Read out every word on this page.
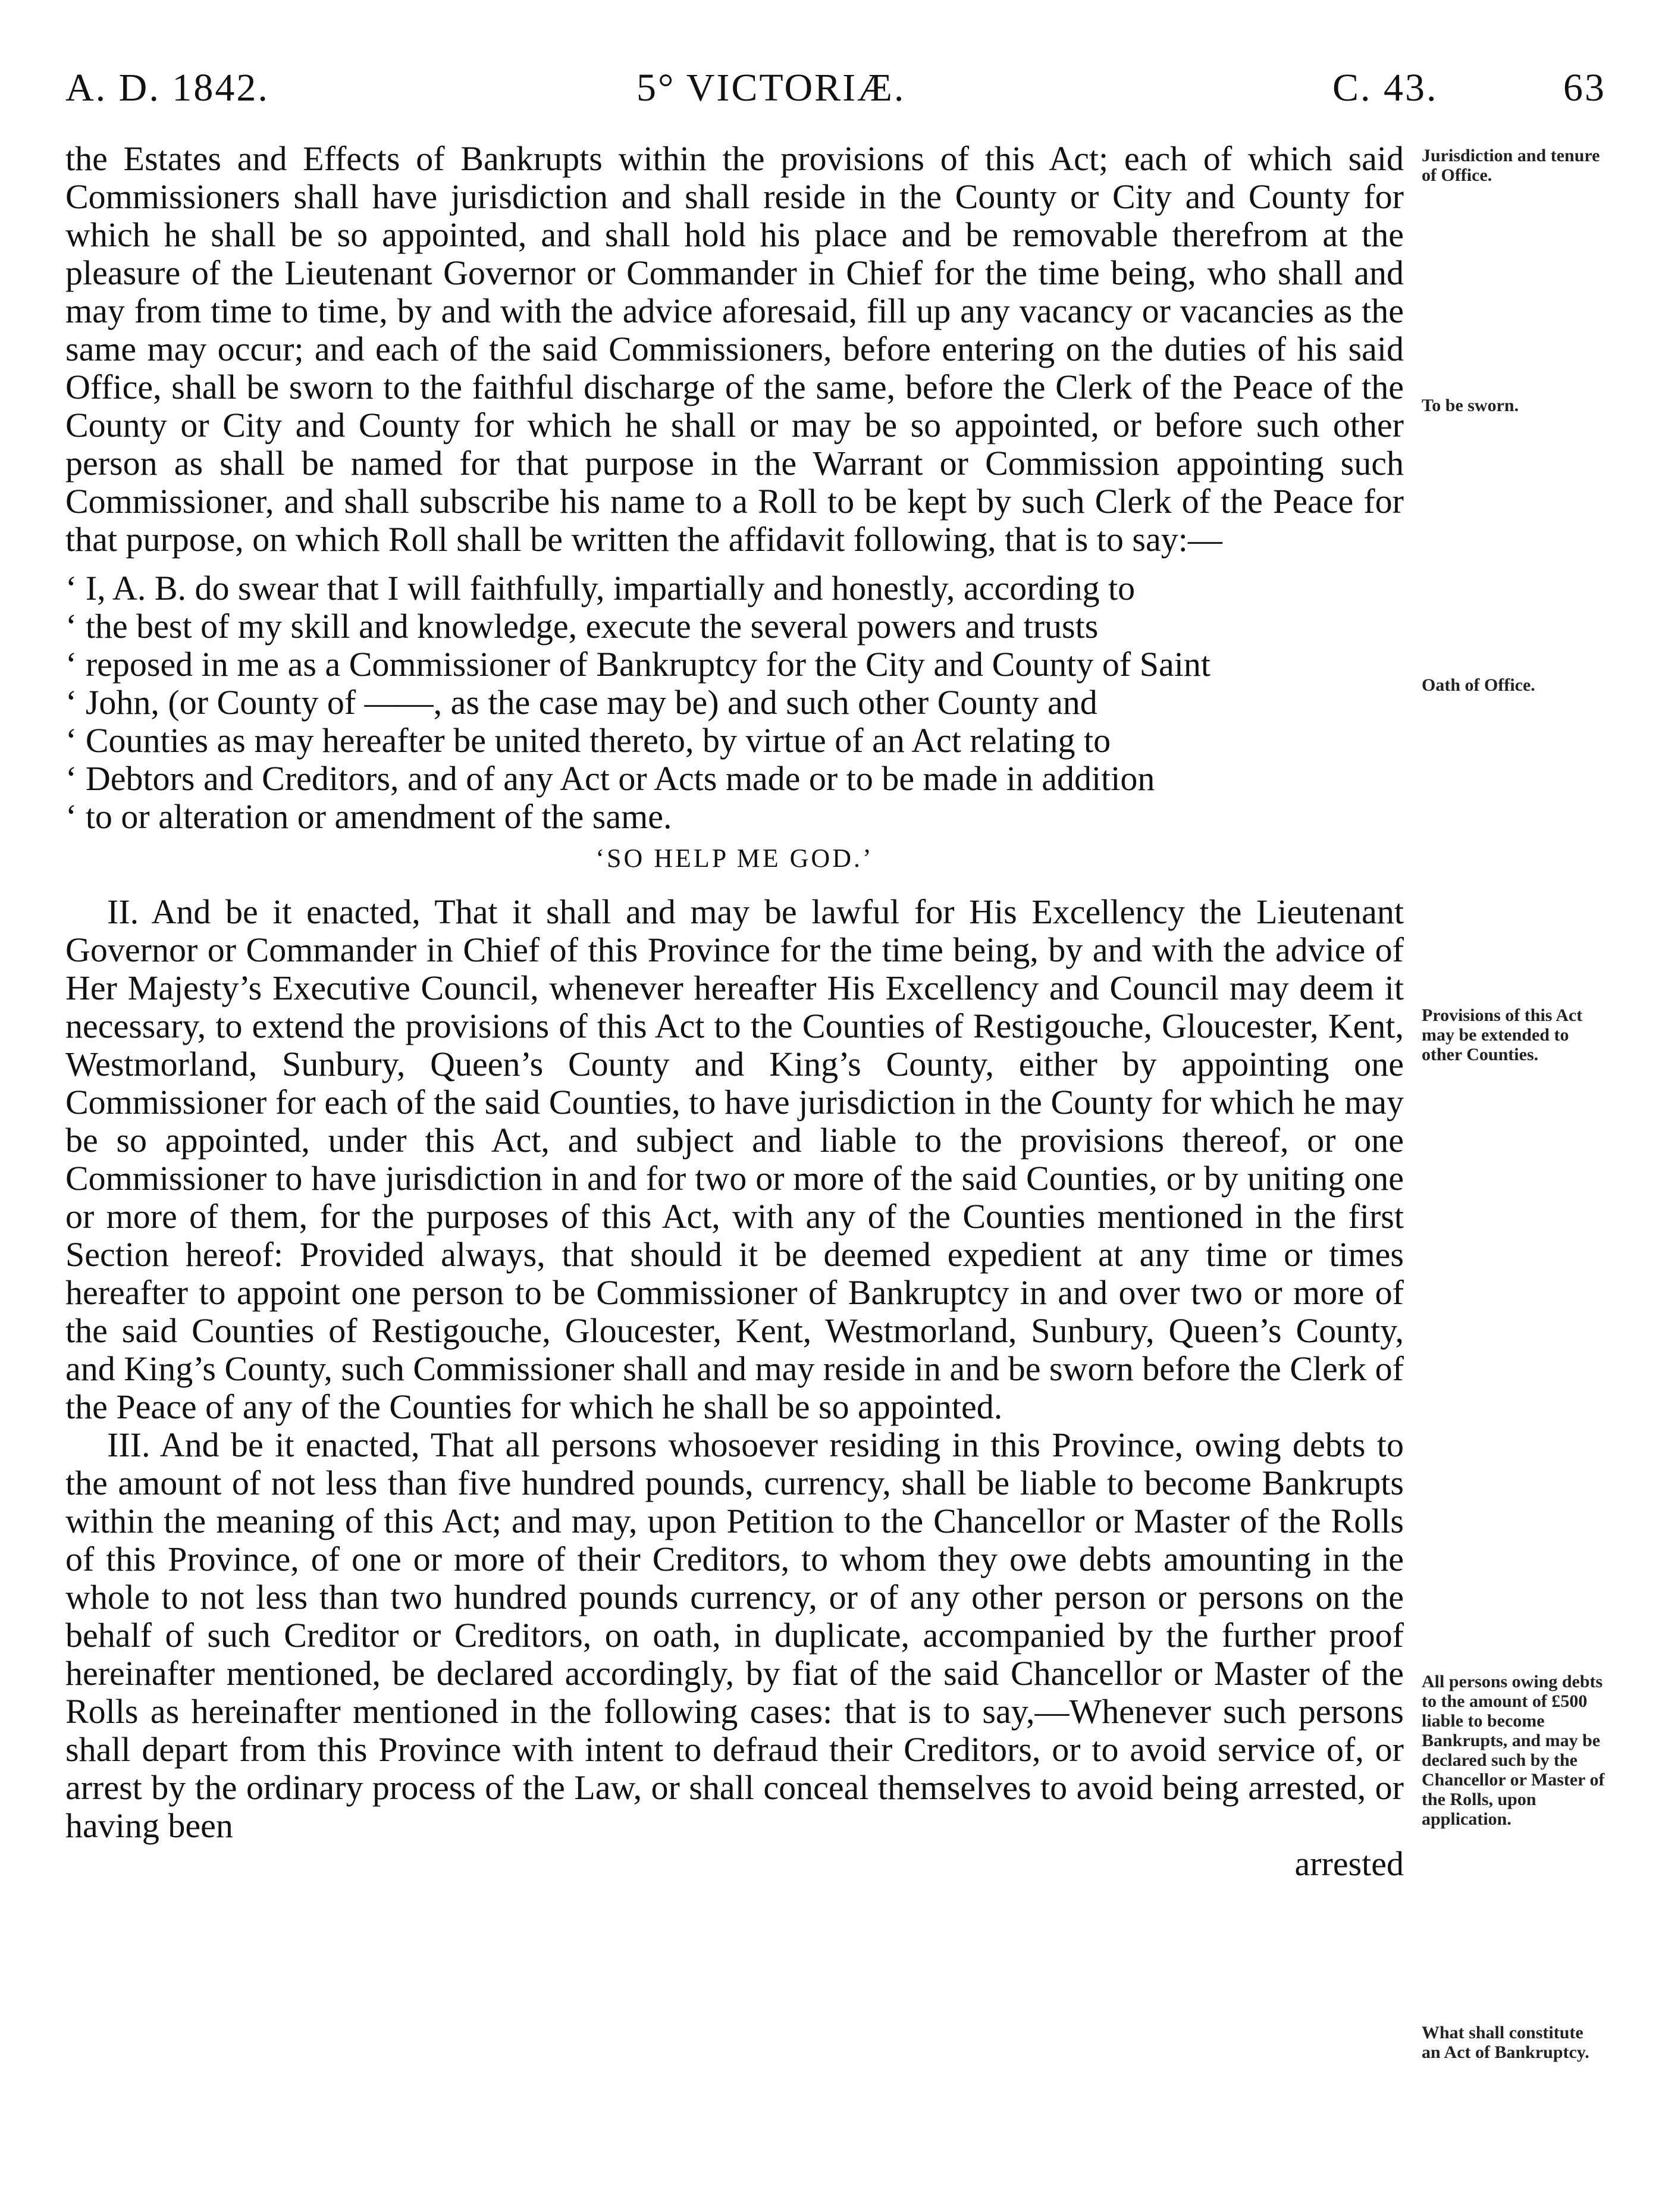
A. D. 1842.	5° VICTORIÆ.	C. 43.	63

the Estates and Effects of Bankrupts within the provisions of this Act; each of which said Commissioners shall have jurisdiction and shall reside in the County or City and County for which he shall be so appointed, and shall hold his place and be removable therefrom at the pleasure of the Lieutenant Governor or Commander in Chief for the time being, who shall and may from time to time, by and with the advice aforesaid, fill up any vacancy or vacancies as the same may occur; and each of the said Commissioners, before entering on the duties of his said Office, shall be sworn to the faithful discharge of the same, before the Clerk of the Peace of the County or City and County for which he shall or may be so appointed, or before such other person as shall be named for that purpose in the Warrant or Commission appointing such Commissioner, and shall subscribe his name to a Roll to be kept by such Clerk of the Peace for that purpose, on which Roll shall be written the affidavit following, that is to say:—

‘ I, A. B. do swear that I will faithfully, impartially and honestly, according to
‘ the best of my skill and knowledge, execute the several powers and trusts
‘ reposed in me as a Commissioner of Bankruptcy for the City and County of Saint
‘ John, (or County of ——, as the case may be) and such other County and
‘ Counties as may hereafter be united thereto, by virtue of an Act relating to
‘ Debtors and Creditors, and of any Act or Acts made or to be made in addition
‘ to or alteration or amendment of the same.
‘SO HELP ME GOD.’

II. And be it enacted, That it shall and may be lawful for His Excellency the Lieutenant Governor or Commander in Chief of this Province for the time being, by and with the advice of Her Majesty’s Executive Council, whenever hereafter His Excellency and Council may deem it necessary, to extend the provisions of this Act to the Counties of Restigouche, Gloucester, Kent, Westmorland, Sunbury, Queen’s County and King’s County, either by appointing one Commissioner for each of the said Counties, to have jurisdiction in the County for which he may be so appointed, under this Act, and subject and liable to the provisions thereof, or one Commissioner to have jurisdiction in and for two or more of the said Counties, or by uniting one or more of them, for the purposes of this Act, with any of the Counties mentioned in the first Section hereof: Provided always, that should it be deemed expedient at any time or times hereafter to appoint one person to be Commissioner of Bankruptcy in and over two or more of the said Counties of Restigouche, Gloucester, Kent, Westmorland, Sunbury, Queen’s County, and King’s County, such Commissioner shall and may reside in and be sworn before the Clerk of the Peace of any of the Counties for which he shall be so appointed.

III. And be it enacted, That all persons whosoever residing in this Province, owing debts to the amount of not less than five hundred pounds, currency, shall be liable to become Bankrupts within the meaning of this Act; and may, upon Petition to the Chancellor or Master of the Rolls of this Province, of one or more of their Creditors, to whom they owe debts amounting in the whole to not less than two hundred pounds currency, or of any other person or persons on the behalf of such Creditor or Creditors, on oath, in duplicate, accompanied by the further proof hereinafter mentioned, be declared accordingly, by fiat of the said Chancellor or Master of the Rolls as hereinafter mentioned in the following cases: that is to say,—Whenever such persons shall depart from this Province with intent to defraud their Creditors, or to avoid service of, or arrest by the ordinary process of the Law, or shall conceal themselves to avoid being arrested, or having been

arrested

Jurisdiction and tenure of Office.
To be sworn.
Oath of Office.
Provisions of this Act may be extended to other Counties.
All persons owing debts to the amount of £500 liable to become Bankrupts, and may be declared such by the Chancellor or Master of the Rolls, upon application.
What shall constitute an Act of Bankruptcy.
